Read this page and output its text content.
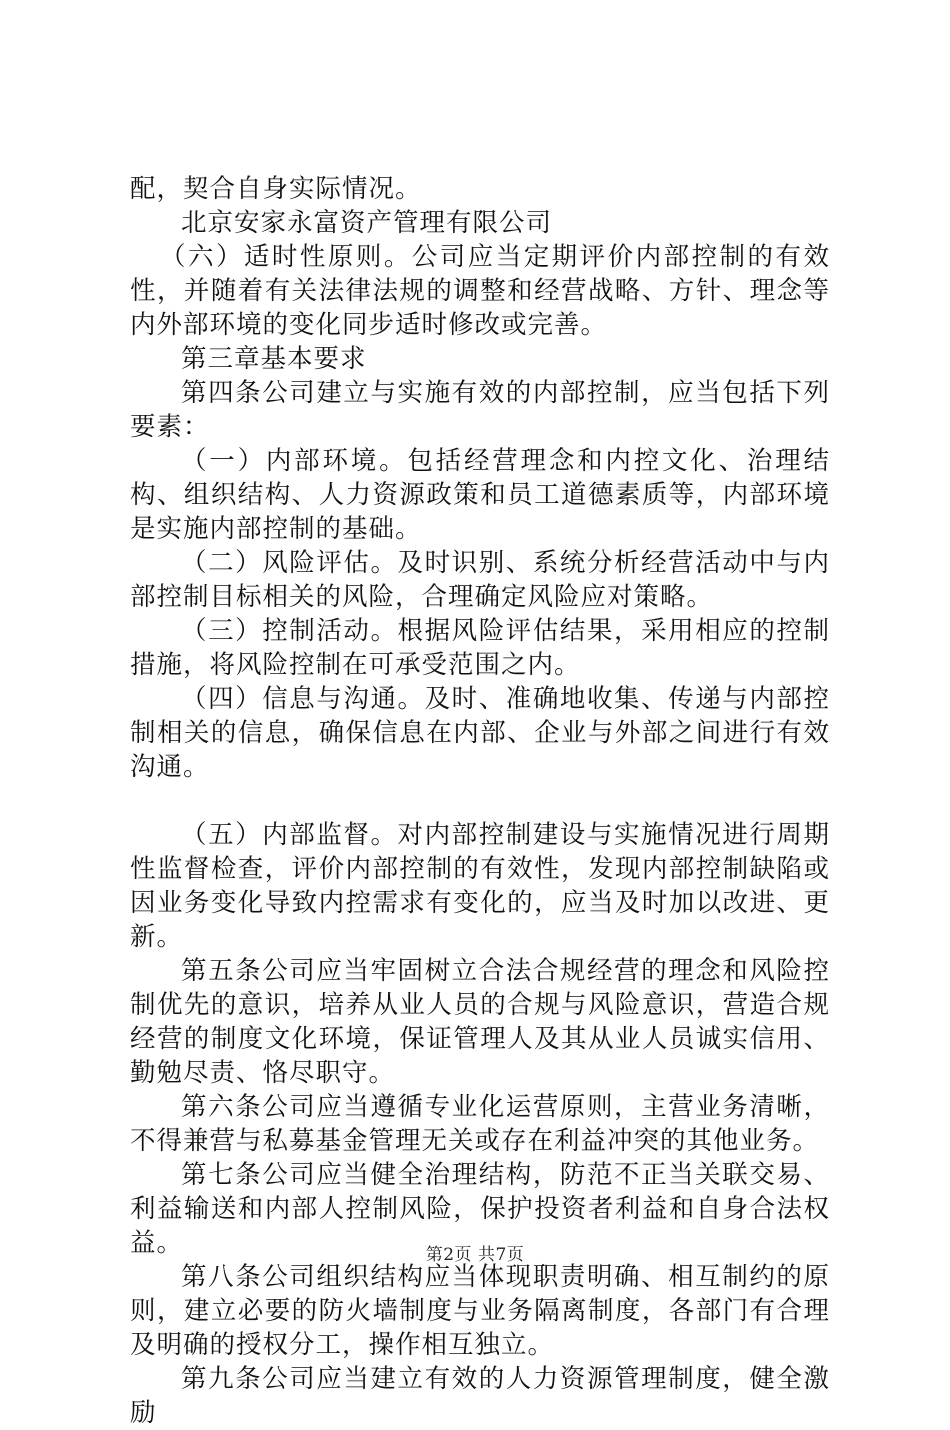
配，契合自身实际情况。

北京安家永富资产管理有限公司

（六）适时性原则。公司应当定期评价内部控制的有效性，并随着有关法律法规的调整和经营战略、方针、理念等内外部环境的变化同步适时修改或完善。

第三章基本要求

第四条公司建立与实施有效的内部控制，应当包括下列要素：

（一）内部环境。包括经营理念和内控文化、治理结构、组织结构、人力资源政策和员工道德素质等，内部环境是实施内部控制的基础。

（二）风险评估。及时识别、系统分析经营活动中与内部控制目标相关的风险，合理确定风险应对策略。

（三）控制活动。根据风险评估结果，采用相应的控制措施，将风险控制在可承受范围之内。

（四）信息与沟通。及时、准确地收集、传递与内部控制相关的信息，确保信息在内部、企业与外部之间进行有效沟通。

（五）内部监督。对内部控制建设与实施情况进行周期性监督检查，评价内部控制的有效性，发现内部控制缺陷或因业务变化导致内控需求有变化的，应当及时加以改进、更新。

第五条公司应当牢固树立合法合规经营的理念和风险控制优先的意识，培养从业人员的合规与风险意识，营造合规经营的制度文化环境，保证管理人及其从业人员诚实信用、勤勉尽责、恪尽职守。

第六条公司应当遵循专业化运营原则，主营业务清晰，不得兼营与私募基金管理无关或存在利益冲突的其他业务。

第七条公司应当健全治理结构，防范不正当关联交易、利益输送和内部人控制风险，保护投资者利益和自身合法权益。

第八条公司组织结构应当体现职责明确、相互制约的原则，建立必要的防火墙制度与业务隔离制度，各部门有合理及明确的授权分工，操作相互独立。

第九条公司应当建立有效的人力资源管理制度，健全激励

第2页 共7页
